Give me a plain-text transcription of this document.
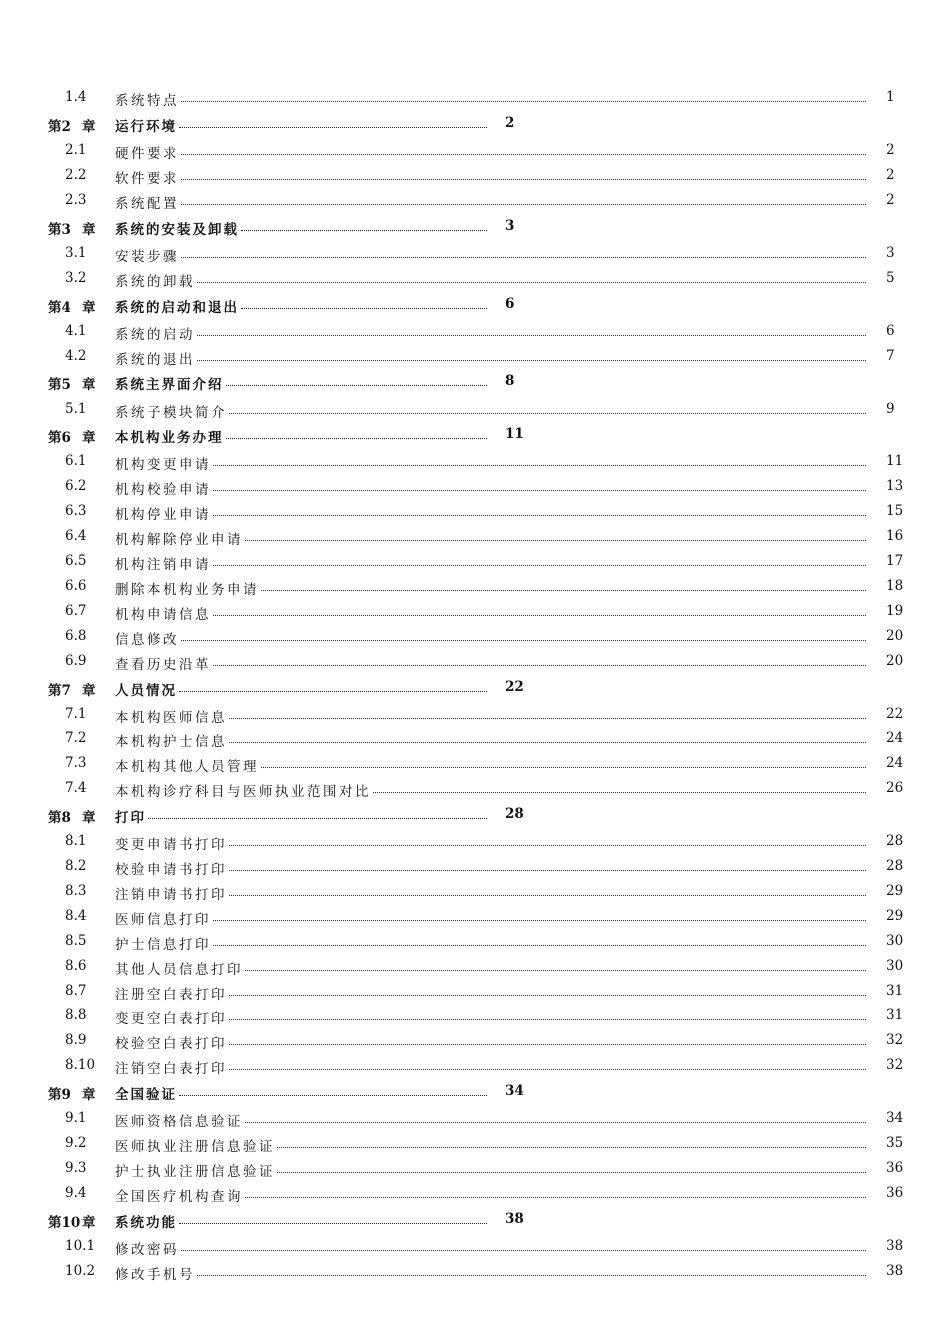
1.4 系统特点	1
第2 章 运行环境	2
2.1 硬件要求	2
2.2 软件要求	2
2.3 系统配置	2
第3 章 系统的安装及卸载	3
3.1 安装步骤	3
3.2 系统的卸载	5
第4 章 系统的启动和退出	6
4.1 系统的启动	6
4.2 系统的退出	7
第5 章 系统主界面介绍	8
5.1 系统子模块简介	9
第6 章 本机构业务办理	11
6.1 机构变更申请	11
6.2 机构校验申请	13
6.3 机构停业申请	15
6.4 机构解除停业申请	16
6.5 机构注销申请	17
6.6 删除本机构业务申请	18
6.7 机构申请信息	19
6.8 信息修改	20
6.9 查看历史沿革	20
第7 章 人员情况	22
7.1 本机构医师信息	22
7.2 本机构护士信息	24
7.3 本机构其他人员管理	24
7.4 本机构诊疗科目与医师执业范围对比	26
第8 章 打印	28
8.1 变更申请书打印	28
8.2 校验申请书打印	28
8.3 注销申请书打印	29
8.4 医师信息打印	29
8.5 护士信息打印	30
8.6 其他人员信息打印	30
8.7 注册空白表打印	31
8.8 变更空白表打印	31
8.9 校验空白表打印	32
8.10 注销空白表打印	32
第9 章 全国验证	34
9.1 医师资格信息验证	34
9.2 医师执业注册信息验证	35
9.3 护士执业注册信息验证	36
9.4 全国医疗机构查询	36
第10 章 系统功能	38
10.1 修改密码	38
10.2 修改手机号	38
